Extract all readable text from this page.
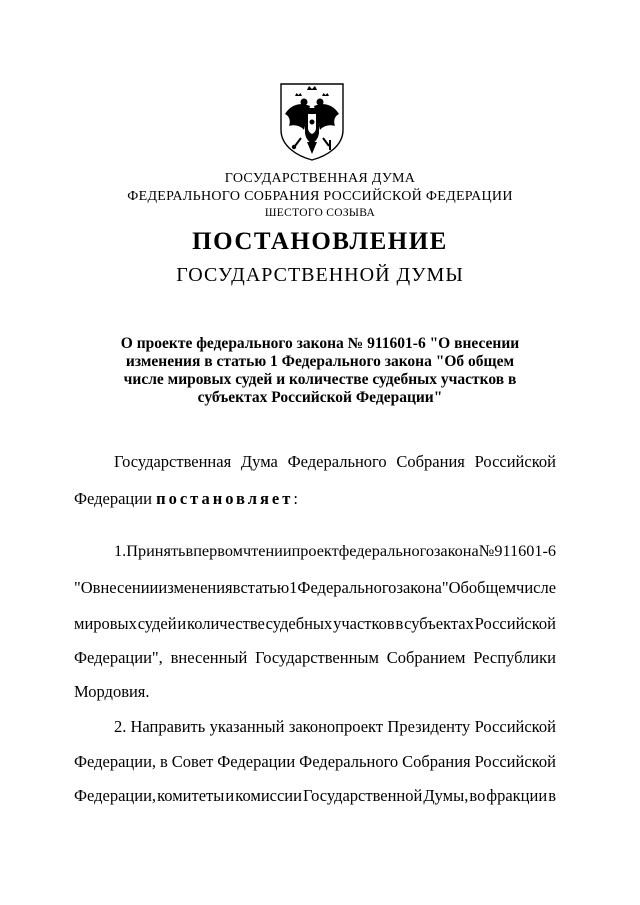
ГОСУДАРСТВЕННАЯ ДУМА
ФЕДЕРАЛЬНОГО СОБРАНИЯ РОССИЙСКОЙ ФЕДЕРАЦИИ
ШЕСТОГО СОЗЫВА
ПОСТАНОВЛЕНИЕ
ГОСУДАРСТВЕННОЙ ДУМЫ
О проекте федерального закона № 911601-6 "О внесении
изменения в статью 1 Федерального закона "Об общем
числе мировых судей и количестве судебных участков в
субъектах Российской Федерации"
Государственная Дума Федерального Собрания Российской
Федерации постановляет:
1. Принять в первом чтении проект федерального закона № 911601-6
"О внесении изменения в статью 1 Федерального закона "Об общем числе
мировых судей и количестве судебных участков в субъектах Российской
Федерации", внесенный Государственным Собранием Республики
Мордовия.
2. Направить указанный законопроект Президенту Российской
Федерации, в Совет Федерации Федерального Собрания Российской
Федерации, комитеты и комиссии Государственной Думы, во фракции в
